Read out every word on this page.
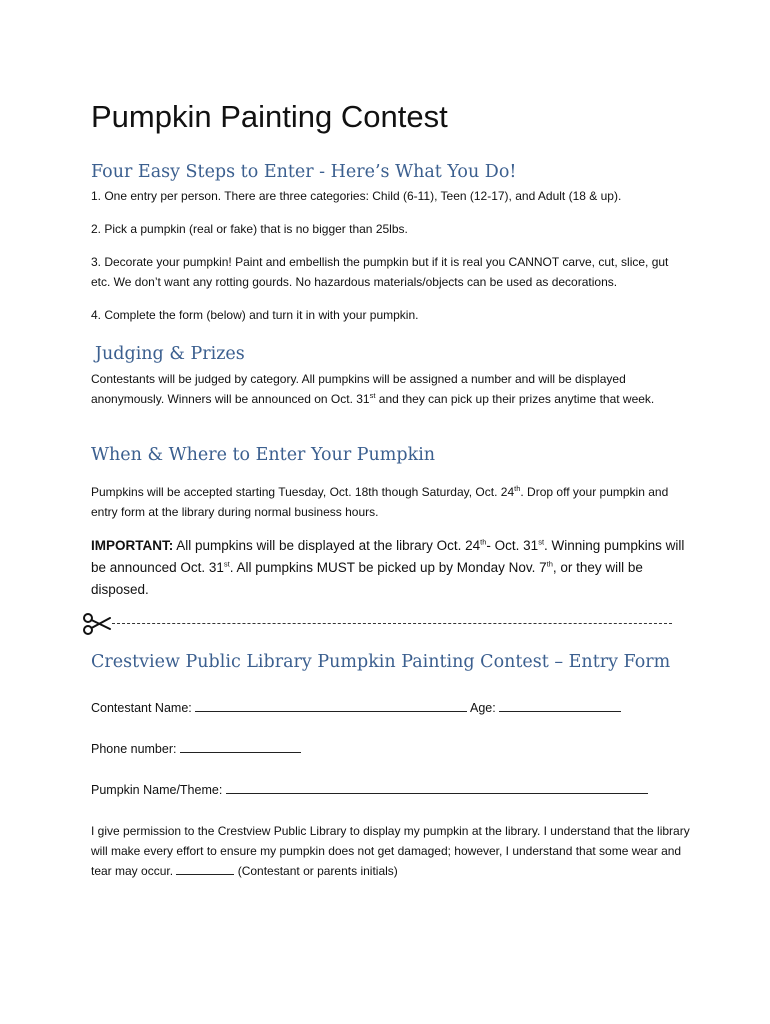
Pumpkin Painting Contest
Four Easy Steps to Enter - Here’s What You Do!

1. One entry per person. There are three categories: Child (6-11), Teen (12-17), and Adult (18 & up).

2. Pick a pumpkin (real or fake) that is no bigger than 25lbs.

3. Decorate your pumpkin! Paint and embellish the pumpkin but if it is real you CANNOT carve, cut, slice, gut etc. We don’t want any rotting gourds. No hazardous materials/objects can be used as decorations.

4. Complete the form (below) and turn it in with your pumpkin.

Judging & Prizes

Contestants will be judged by category. All pumpkins will be assigned a number and will be displayed anonymously. Winners will be announced on Oct. 31st and they can pick up their prizes anytime that week.

When & Where to Enter Your Pumpkin

Pumpkins will be accepted starting Tuesday, Oct. 18th though Saturday, Oct. 24th. Drop off your pumpkin and entry form at the library during normal business hours.

IMPORTANT: All pumpkins will be displayed at the library Oct. 24th- Oct. 31st. Winning pumpkins will be announced Oct. 31st. All pumpkins MUST be picked up by Monday Nov. 7th, or they will be disposed.

Crestview Public Library Pumpkin Painting Contest – Entry Form

Contestant Name:	Age:

Phone number:

Pumpkin Name/Theme:

I give permission to the Crestview Public Library to display my pumpkin at the library. I understand that the library will make every effort to ensure my pumpkin does not get damaged; however, I understand that some wear and tear may occur.	(Contestant or parents initials)
